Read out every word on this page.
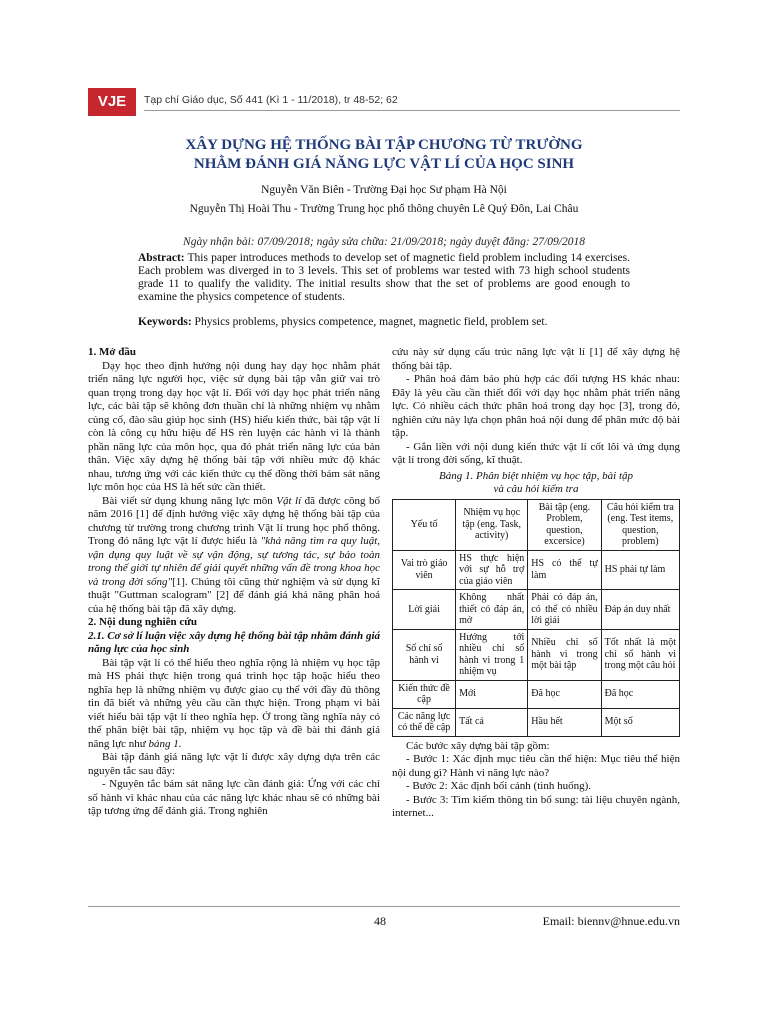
VJE	Tạp chí Giáo dục, Số 441 (Kì 1 - 11/2018), tr 48-52; 62
XÂY DỰNG HỆ THỐNG BÀI TẬP CHƯƠNG TỪ TRƯỜNG
NHẰM ĐÁNH GIÁ NĂNG LỰC VẬT LÍ CỦA HỌC SINH
Nguyễn Văn Biên - Trường Đại học Sư phạm Hà Nội
Nguyễn Thị Hoài Thu - Trường Trung học phổ thông chuyên Lê Quý Đôn, Lai Châu
Ngày nhận bài: 07/09/2018; ngày sửa chữa: 21/09/2018; ngày duyệt đăng: 27/09/2018
Abstract: This paper introduces methods to develop set of magnetic field problem including 14 exercises. Each problem was diverged in to 3 levels. This set of problems war tested with 73 high school students grade 11 to qualify the validity. The initial results show that the set of problems are good enough to examine the physics competence of students.
Keywords: Physics problems, physics competence, magnet, magnetic field, problem set.

1. Mở đầu

Dạy học theo định hướng nội dung hay dạy học nhằm phát triển năng lực người học, việc sử dụng bài tập vẫn giữ vai trò quan trọng trong dạy học vật lí. Đối với dạy học phát triển năng lực, các bài tập sẽ không đơn thuần chỉ là những nhiệm vụ nhằm củng cố, đào sâu giúp học sinh (HS) hiểu kiến thức, bài tập vật lí còn là công cụ hữu hiệu để HS rèn luyện các hành vi là thành phần năng lực của môn học, qua đó phát triển năng lực của bản thân. Việc xây dựng hệ thống bài tập với nhiều mức độ khác nhau, tương ứng với các kiến thức cụ thể đồng thời bám sát năng lực môn học của HS là hết sức cần thiết.

Bài viết sử dụng khung năng lực môn Vật lí đã được công bố năm 2016 [1] để định hướng việc xây dựng hệ thống bài tập của chương từ trường trong chương trình Vật lí trung học phổ thông. Trong đó năng lực vật lí được hiểu là "khả năng tìm ra quy luật, vận dụng quy luật về sự vận động, sự tương tác, sự bảo toàn trong thế giới tự nhiên để giải quyết những vấn đề trong khoa học và trong đời sống"[1]. Chúng tôi cũng thử nghiệm và sử dụng kĩ thuật "Guttman scalogram" [2] để đánh giá khả năng phân hoá của hệ thống bài tập đã xây dựng.

2. Nội dung nghiên cứu

2.1. Cơ sở lí luận việc xây dựng hệ thống bài tập nhằm đánh giá năng lực của học sinh

Bài tập vật lí có thể hiểu theo nghĩa rộng là nhiệm vụ học tập mà HS phải thực hiện trong quá trình học tập hoặc hiểu theo nghĩa hẹp là những nhiệm vụ được giao cụ thể với đầy đủ thông tin đã biết và những yêu cầu cần thực hiện. Trong phạm vi bài viết hiểu bài tập vật lí theo nghĩa hẹp. Ở trong tầng nghĩa này có thể phân biệt bài tập, nhiệm vụ học tập và đề bài thi đánh giá năng lực như bảng 1.

Bài tập đánh giá năng lực vật lí được xây dựng dựa trên các nguyên tắc sau đây:

- Nguyên tắc bám sát năng lực cần đánh giá: Ứng với các chỉ số hành vi khác nhau của các năng lực khác nhau sẽ có những bài tập tương ứng để đánh giá. Trong nghiên

cứu này sử dụng cấu trúc năng lực vật lí [1] để xây dựng hệ thống bài tập.

- Phân hoá đảm bảo phù hợp các đối tượng HS khác nhau: Đây là yêu cầu cần thiết đối với dạy học nhằm phát triển năng lực. Có nhiều cách thức phân hoá trong dạy học [3], trong đó, nghiên cứu này lựa chọn phân hoá nội dung để phân mức độ bài tập.

- Gắn liền với nội dung kiến thức vật lí cốt lõi và ứng dụng vật lí trong đời sống, kĩ thuật.

Bảng 1. Phân biệt nhiệm vụ học tập, bài tập
và câu hỏi kiểm tra
Yếu tố	Nhiệm vụ học tập (eng. Task, activity)	Bài tập (eng. Problem, question, excersice)	Câu hỏi kiểm tra (eng. Test items, question, problem)
Vai trò giáo viên	HS thực hiện với sự hỗ trợ của giáo viên	HS có thể tự làm	HS phải tự làm
Lời giải	Không nhất thiết có đáp án, mở	Phải có đáp án, có thể có nhiều lời giải	Đáp án duy nhất
Số chỉ số hành vi	Hướng tới nhiều chỉ số hành vi trong 1 nhiệm vụ	Nhiều chỉ số hành vi trong một bài tập	Tốt nhất là một chỉ số hành vi trong một câu hỏi
Kiến thức đề cập	Mới	Đã học	Đã học
Các năng lực có thể đề cập	Tất cả	Hầu hết	Một số

Các bước xây dựng bài tập gồm:

- Bước 1: Xác định mục tiêu cần thể hiện: Mục tiêu thể hiện nội dung gì? Hành vi năng lực nào?

- Bước 2: Xác định bối cảnh (tình huống).

- Bước 3: Tìm kiếm thông tin bổ sung: tài liệu chuyên ngành, internet...

48	Email: biennv@hnue.edu.vn
